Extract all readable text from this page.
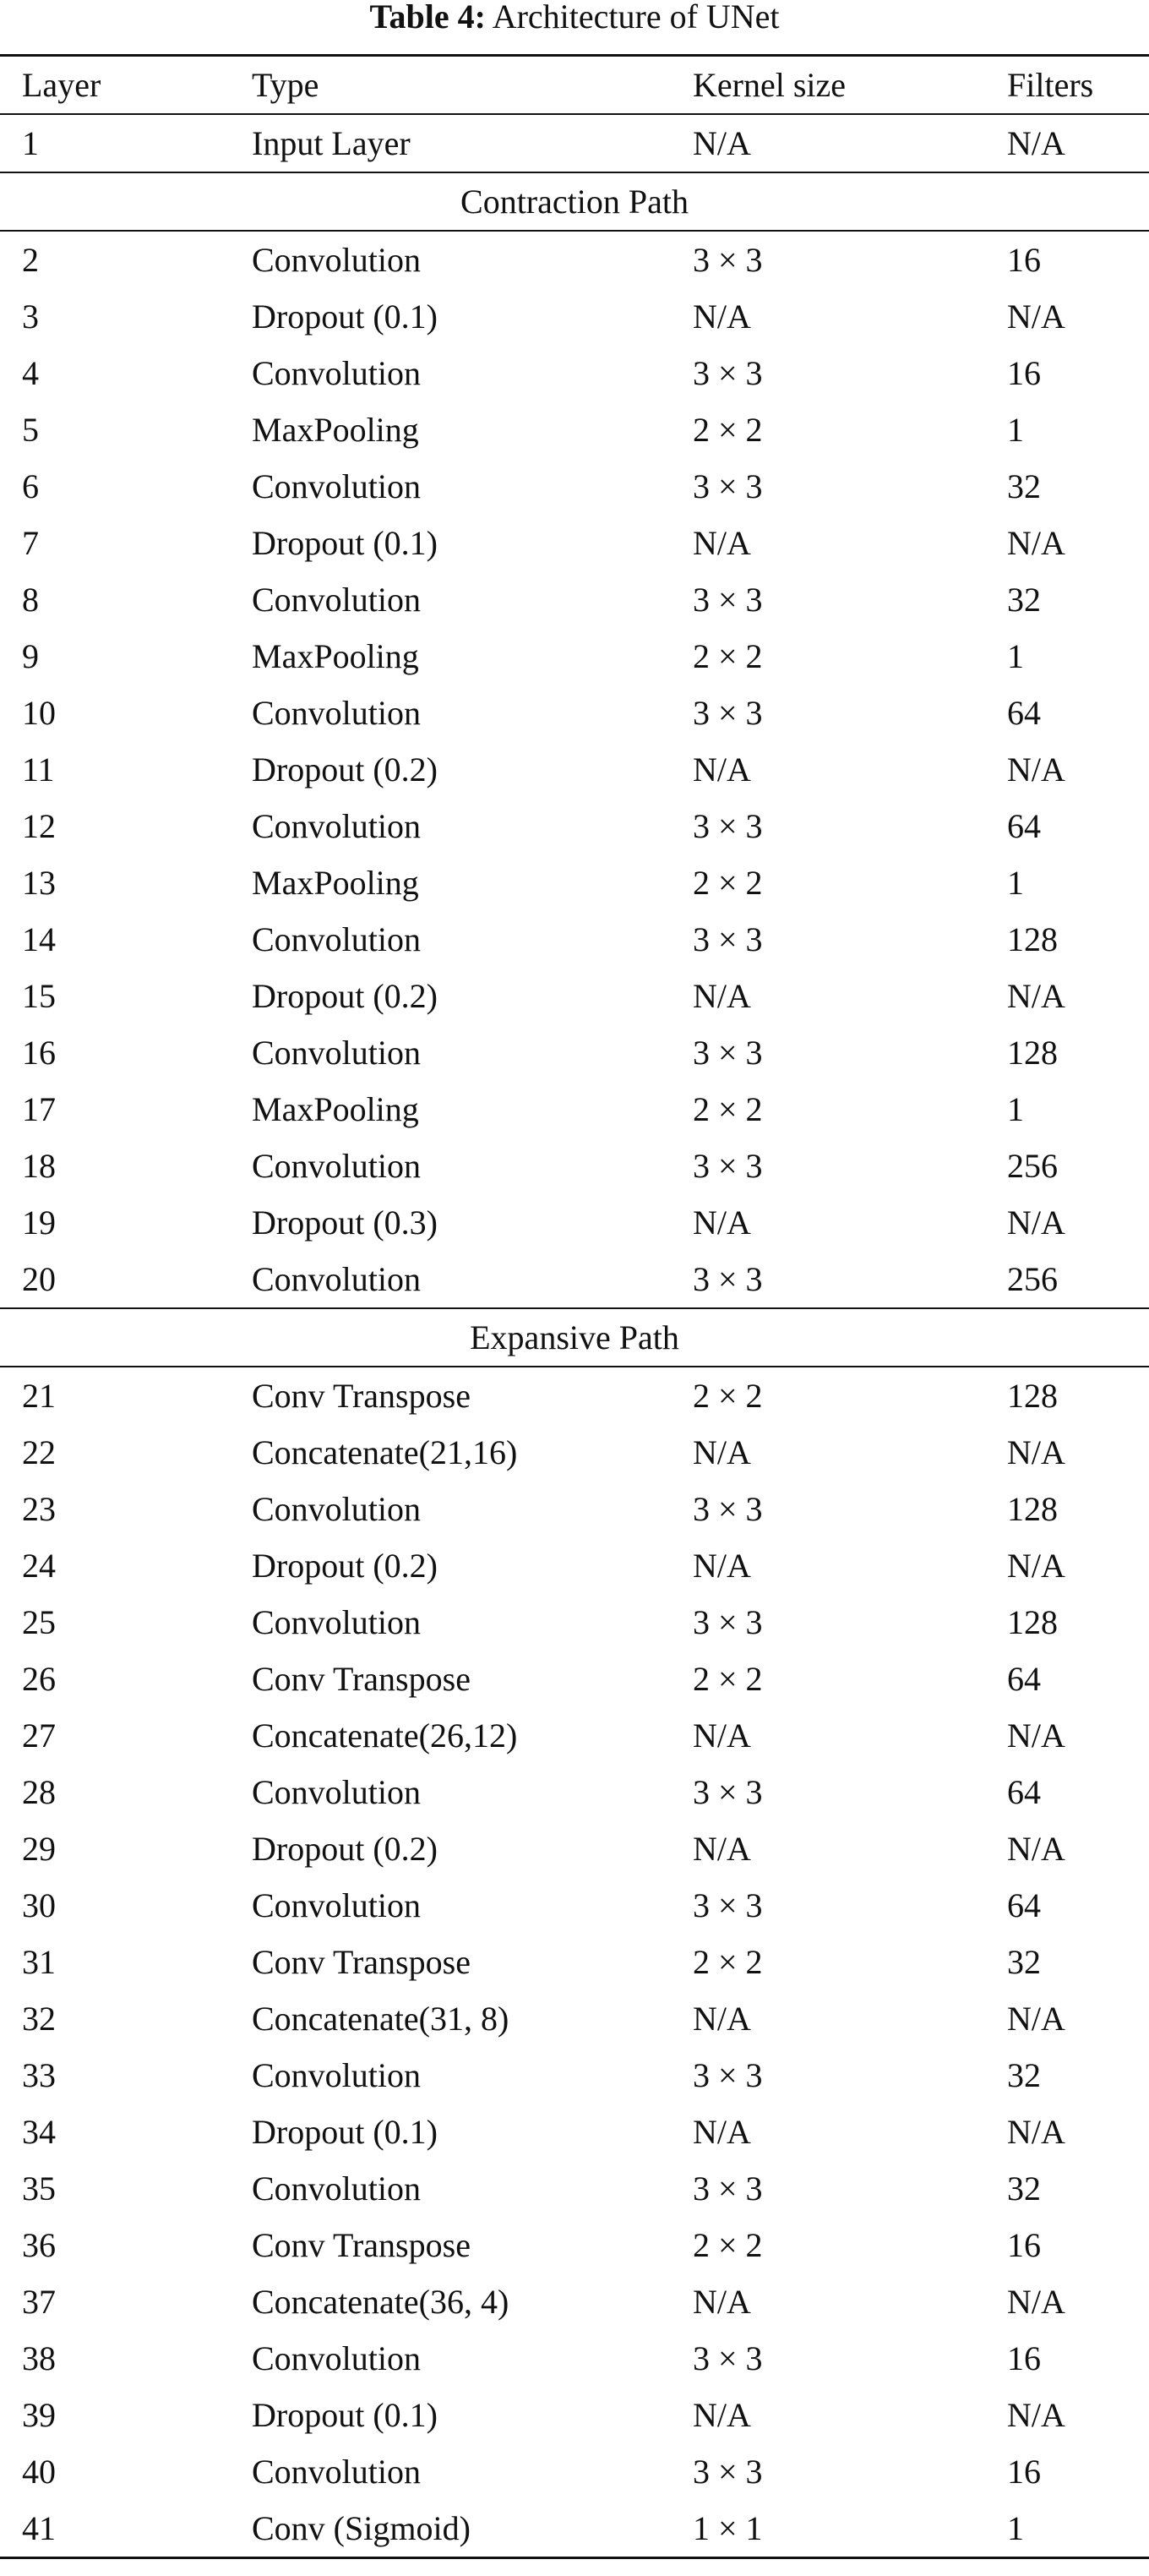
Table 4: Architecture of UNet
Layer	Type	Kernel size	Filters
1	Input Layer	N/A	N/A
Contraction Path
2	Convolution	3 × 3	16
3	Dropout (0.1)	N/A	N/A
4	Convolution	3 × 3	16
5	MaxPooling	2 × 2	1
6	Convolution	3 × 3	32
7	Dropout (0.1)	N/A	N/A
8	Convolution	3 × 3	32
9	MaxPooling	2 × 2	1
10	Convolution	3 × 3	64
11	Dropout (0.2)	N/A	N/A
12	Convolution	3 × 3	64
13	MaxPooling	2 × 2	1
14	Convolution	3 × 3	128
15	Dropout (0.2)	N/A	N/A
16	Convolution	3 × 3	128
17	MaxPooling	2 × 2	1
18	Convolution	3 × 3	256
19	Dropout (0.3)	N/A	N/A
20	Convolution	3 × 3	256
Expansive Path
21	Conv Transpose	2 × 2	128
22	Concatenate(21,16)	N/A	N/A
23	Convolution	3 × 3	128
24	Dropout (0.2)	N/A	N/A
25	Convolution	3 × 3	128
26	Conv Transpose	2 × 2	64
27	Concatenate(26,12)	N/A	N/A
28	Convolution	3 × 3	64
29	Dropout (0.2)	N/A	N/A
30	Convolution	3 × 3	64
31	Conv Transpose	2 × 2	32
32	Concatenate(31, 8)	N/A	N/A
33	Convolution	3 × 3	32
34	Dropout (0.1)	N/A	N/A
35	Convolution	3 × 3	32
36	Conv Transpose	2 × 2	16
37	Concatenate(36, 4)	N/A	N/A
38	Convolution	3 × 3	16
39	Dropout (0.1)	N/A	N/A
40	Convolution	3 × 3	16
41	Conv (Sigmoid)	1 × 1	1
